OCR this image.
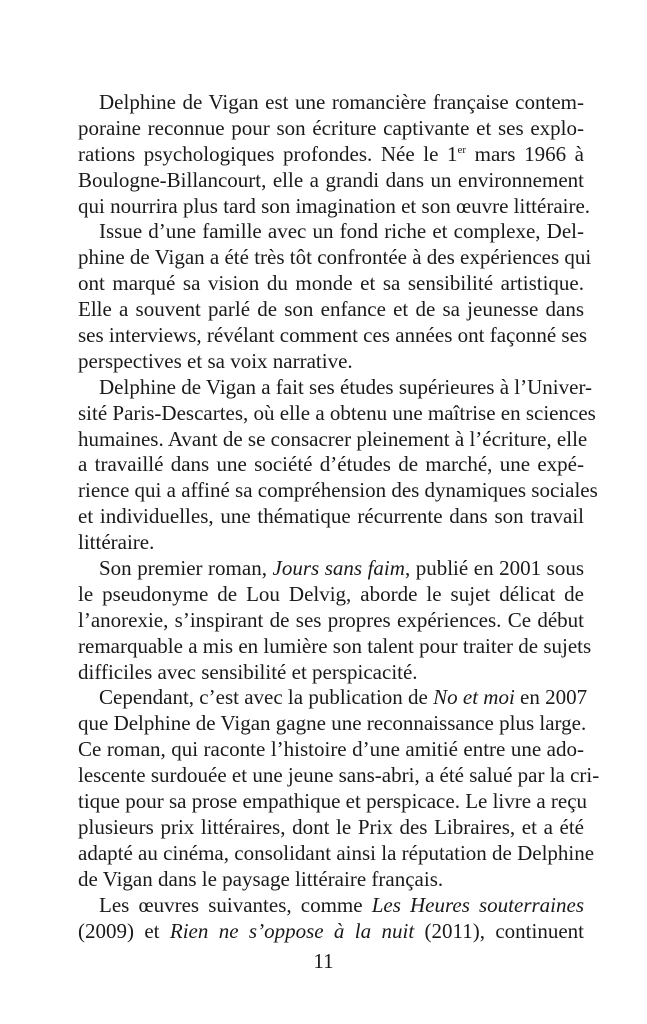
Delphine de Vigan est une romancière française contem-
poraine reconnue pour son écriture captivante et ses explo-
rations psychologiques profondes. Née le 1er mars 1966 à
Boulogne-Billancourt, elle a grandi dans un environnement
qui nourrira plus tard son imagination et son œuvre littéraire.
Issue d’une famille avec un fond riche et complexe, Del-
phine de Vigan a été très tôt confrontée à des expériences qui
ont marqué sa vision du monde et sa sensibilité artistique.
Elle a souvent parlé de son enfance et de sa jeunesse dans
ses interviews, révélant comment ces années ont façonné ses
perspectives et sa voix narrative.
Delphine de Vigan a fait ses études supérieures à l’Univer-
sité Paris-Descartes, où elle a obtenu une maîtrise en sciences
humaines. Avant de se consacrer pleinement à l’écriture, elle
a travaillé dans une société d’études de marché, une expé-
rience qui a affiné sa compréhension des dynamiques sociales
et individuelles, une thématique récurrente dans son travail
littéraire.
Son premier roman, Jours sans faim, publié en 2001 sous
le pseudonyme de Lou Delvig, aborde le sujet délicat de
l’anorexie, s’inspirant de ses propres expériences. Ce début
remarquable a mis en lumière son talent pour traiter de sujets
difficiles avec sensibilité et perspicacité.
Cependant, c’est avec la publication de No et moi en 2007
que Delphine de Vigan gagne une reconnaissance plus large.
Ce roman, qui raconte l’histoire d’une amitié entre une ado-
lescente surdouée et une jeune sans-abri, a été salué par la cri-
tique pour sa prose empathique et perspicace. Le livre a reçu
plusieurs prix littéraires, dont le Prix des Libraires, et a été
adapté au cinéma, consolidant ainsi la réputation de Delphine
de Vigan dans le paysage littéraire français.
Les œuvres suivantes, comme Les Heures souterraines
(2009) et Rien ne s’oppose à la nuit (2011), continuent
11
